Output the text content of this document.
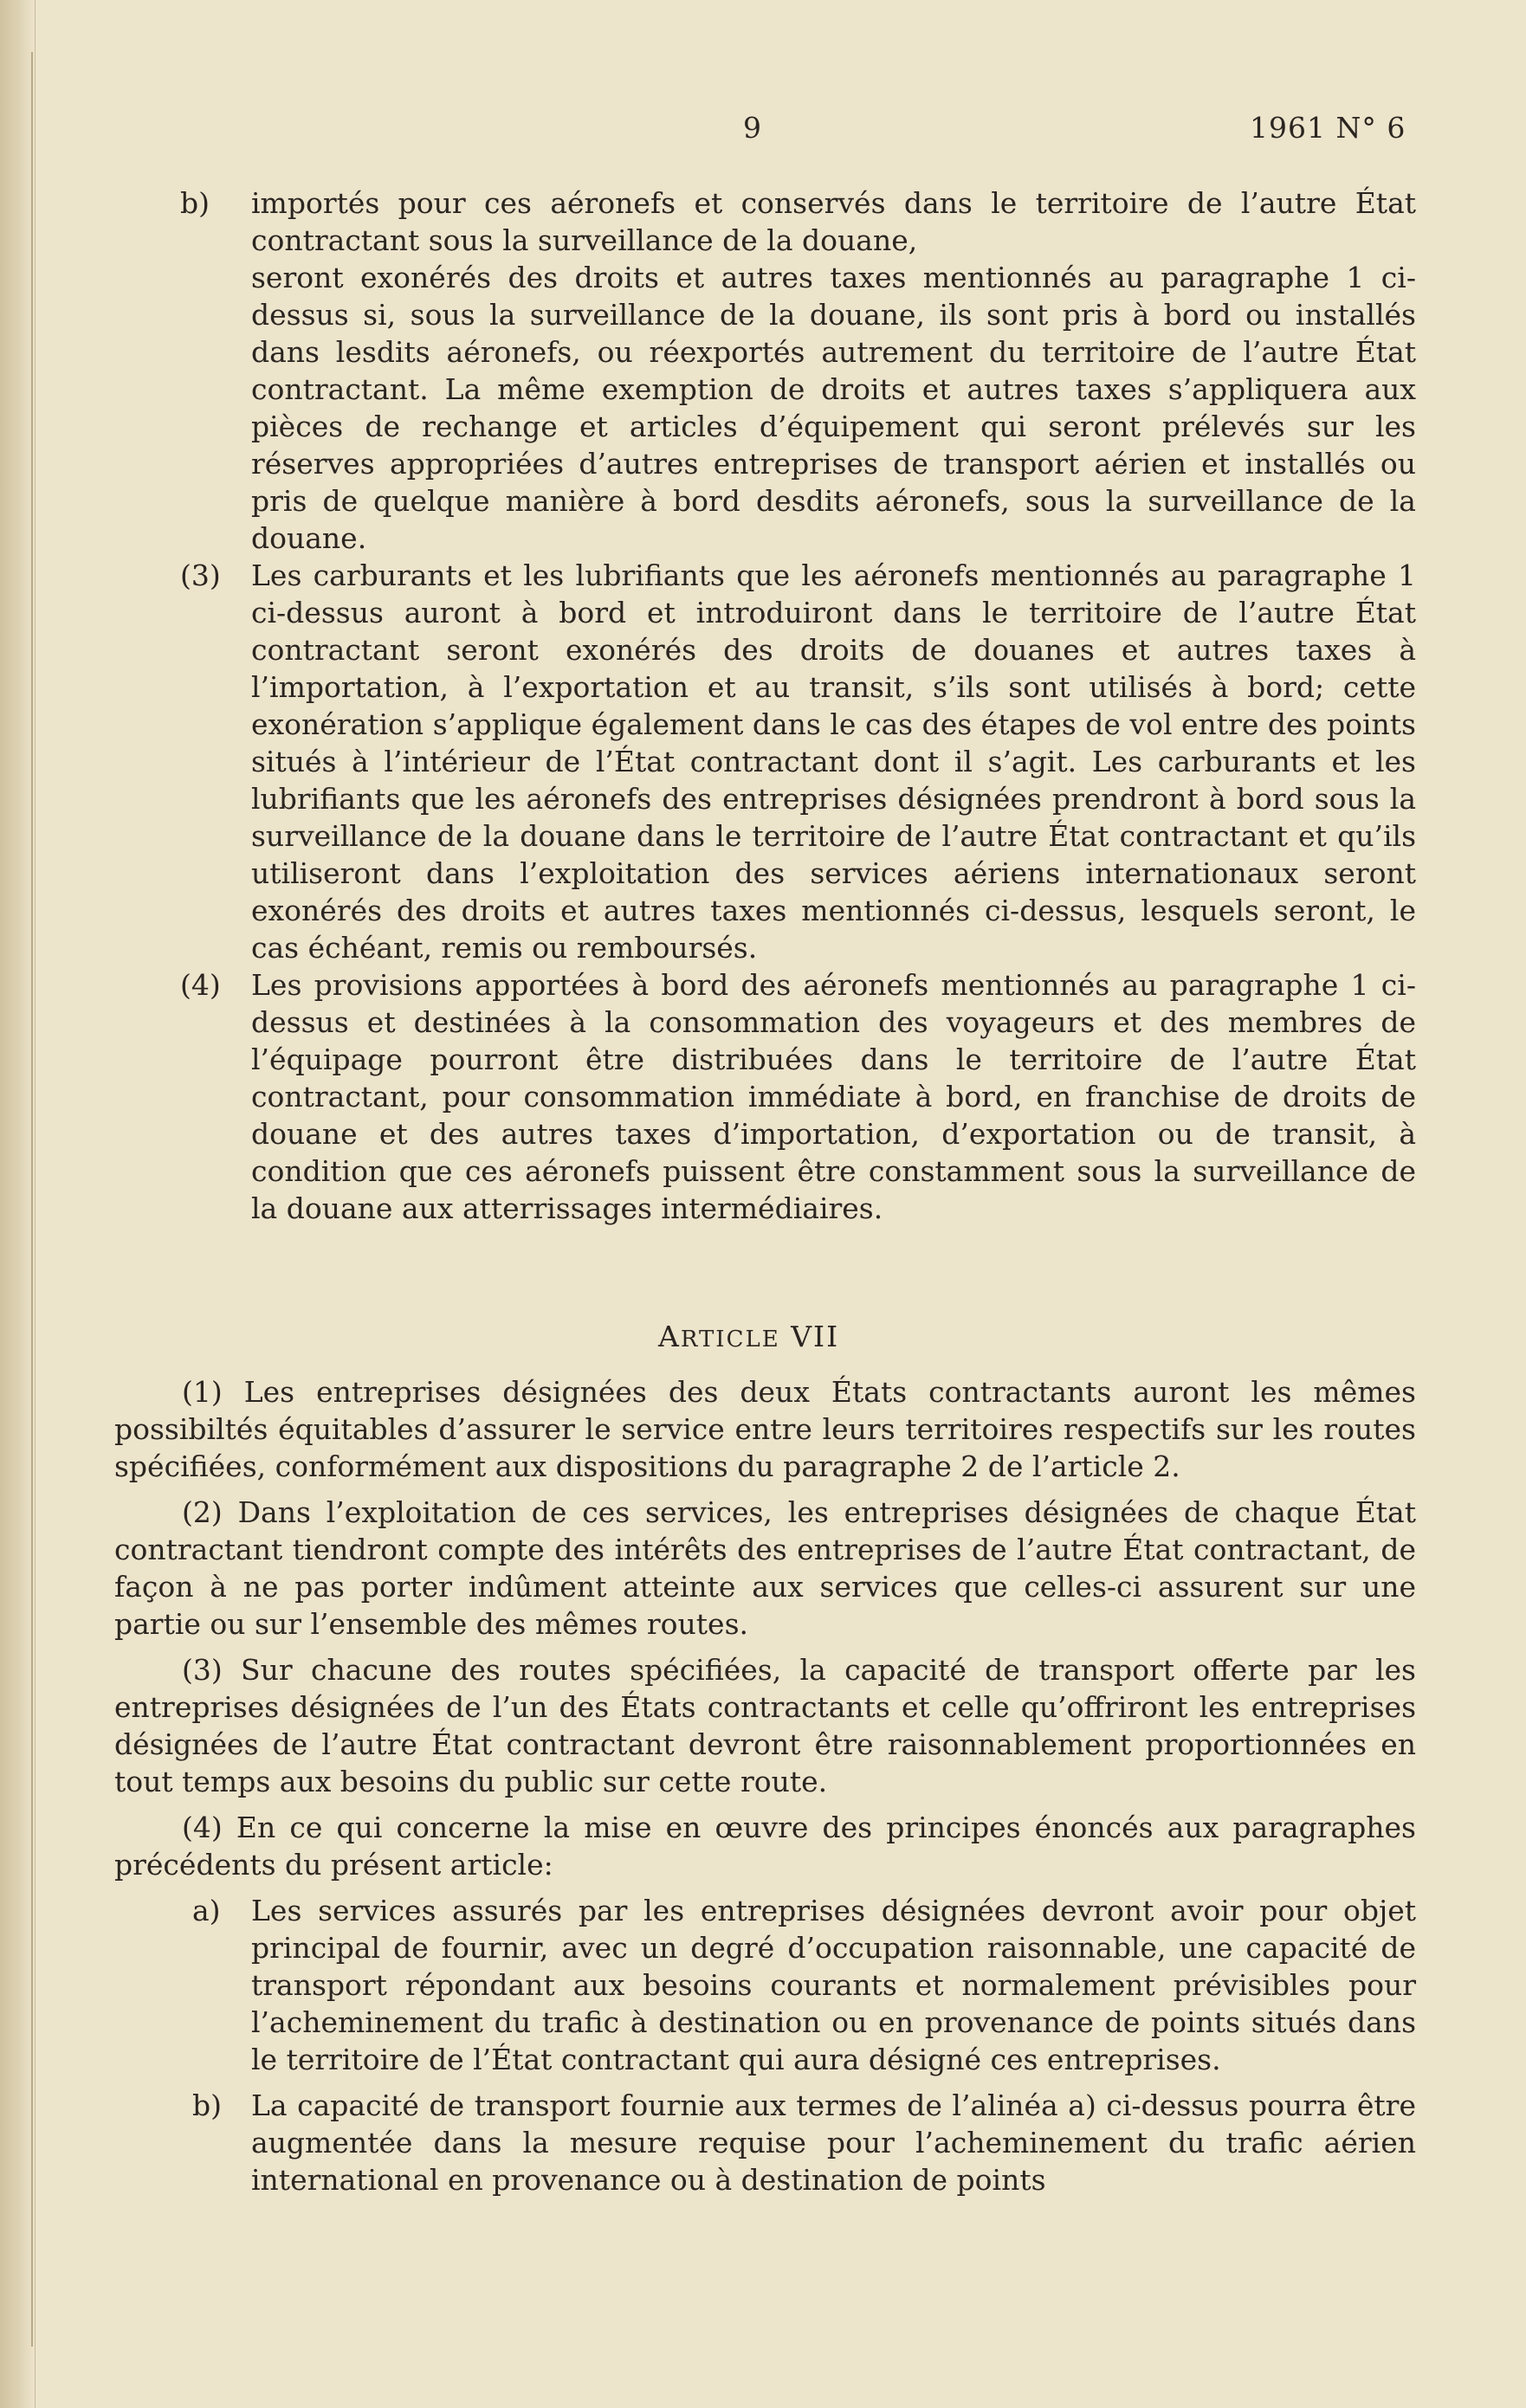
9	1961 N° 6

b) importés pour ces aéronefs et conservés dans le territoire de l’autre État contractant sous la surveillance de la douane,

seront exonérés des droits et autres taxes mentionnés au paragraphe 1 ci-dessus si, sous la surveillance de la douane, ils sont pris à bord ou installés dans lesdits aéronefs, ou réexportés autrement du territoire de l’autre État contractant. La même exemption de droits et autres taxes s’appliquera aux pièces de rechange et articles d’équipement qui seront prélevés sur les réserves appropriées d’autres entreprises de transport aérien et installés ou pris de quelque manière à bord desdits aéronefs, sous la surveillance de la douane.

(3) Les carburants et les lubrifiants que les aéronefs mentionnés au paragraphe 1 ci-dessus auront à bord et introduiront dans le territoire de l’autre État contractant seront exonérés des droits de douanes et autres taxes à l’importation, à l’exportation et au transit, s’ils sont utilisés à bord; cette exonération s’applique également dans le cas des étapes de vol entre des points situés à l’intérieur de l’État contractant dont il s’agit. Les carburants et les lubrifiants que les aéronefs des entreprises désignées prendront à bord sous la surveillance de la douane dans le territoire de l’autre État contractant et qu’ils utiliseront dans l’exploitation des services aériens internationaux seront exonérés des droits et autres taxes mentionnés ci-dessus, lesquels seront, le cas échéant, remis ou remboursés.

(4) Les provisions apportées à bord des aéronefs mentionnés au paragraphe 1 ci-dessus et destinées à la consommation des voyageurs et des membres de l’équipage pourront être distribuées dans le territoire de l’autre État contractant, pour consommation immédiate à bord, en franchise de droits de douane et des autres taxes d’importation, d’exportation ou de transit, à condition que ces aéronefs puissent être constamment sous la surveillance de la douane aux atterrissages intermédiaires.

ARTICLE VII

(1) Les entreprises désignées des deux États contractants auront les mêmes possibiltés équitables d’assurer le service entre leurs territoires respectifs sur les routes spécifiées, conformément aux dispositions du paragraphe 2 de l’article 2.

(2) Dans l’exploitation de ces services, les entreprises désignées de chaque État contractant tiendront compte des intérêts des entreprises de l’autre État contractant, de façon à ne pas porter indûment atteinte aux services que celles-ci assurent sur une partie ou sur l’ensemble des mêmes routes.

(3) Sur chacune des routes spécifiées, la capacité de transport offerte par les entreprises désignées de l’un des États contractants et celle qu’offriront les entreprises désignées de l’autre État contractant devront être raisonnablement proportionnées en tout temps aux besoins du public sur cette route.

(4) En ce qui concerne la mise en œuvre des principes énoncés aux paragraphes précédents du présent article:

a) Les services assurés par les entreprises désignées devront avoir pour objet principal de fournir, avec un degré d’occupation raisonnable, une capacité de transport répondant aux besoins courants et normalement prévisibles pour l’acheminement du trafic à destination ou en provenance de points situés dans le territoire de l’État contractant qui aura désigné ces entreprises.

b) La capacité de transport fournie aux termes de l’alinéa a) ci-dessus pourra être augmentée dans la mesure requise pour l’acheminement du trafic aérien international en provenance ou à destination de points
